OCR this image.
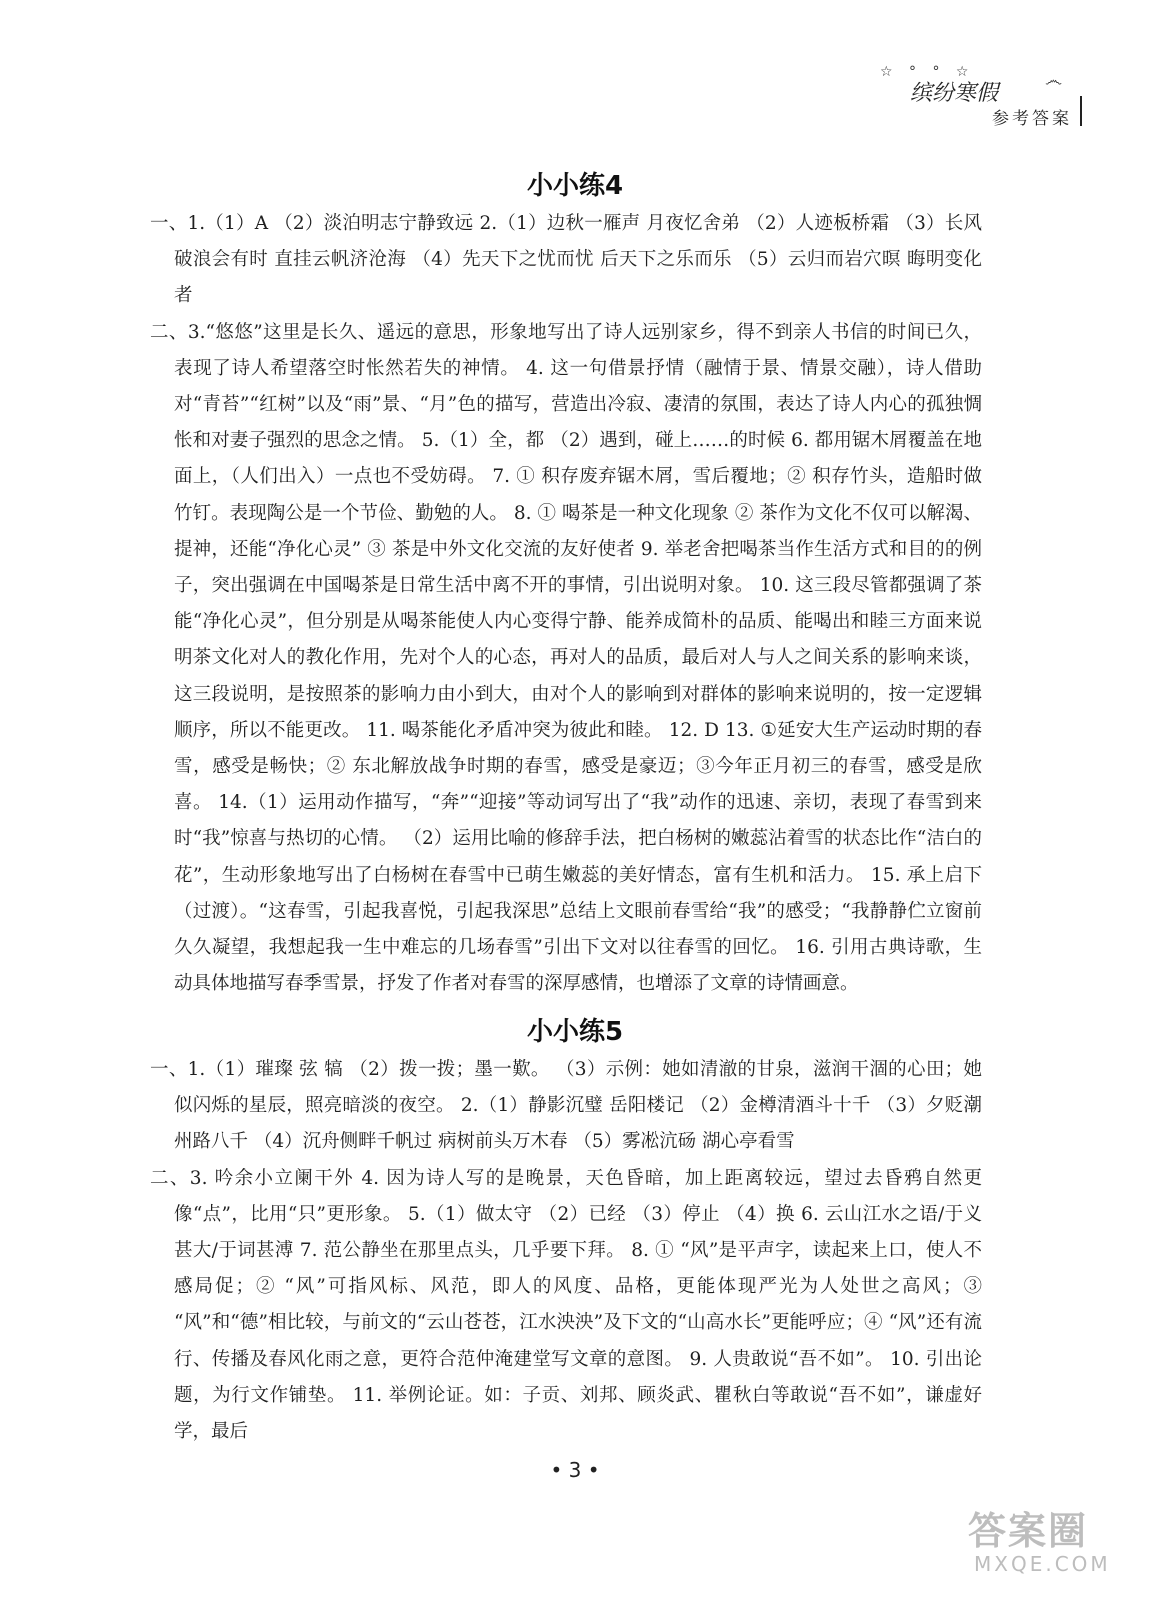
☆ ° ° ☆
缤纷寒假
෴
参考答案
小小练4

一、1.（1）A （2）淡泊明志宁静致远 2.（1）边秋一雁声 月夜忆舍弟 （2）人迹板桥霜 （3）长风破浪会有时 直挂云帆济沧海 （4）先天下之忧而忧 后天下之乐而乐 （5）云归而岩穴暝 晦明变化者

二、3.“悠悠”这里是长久、遥远的意思，形象地写出了诗人远别家乡，得不到亲人书信的时间已久，表现了诗人希望落空时怅然若失的神情。 4. 这一句借景抒情（融情于景、情景交融），诗人借助对“青苔”“红树”以及“雨”景、“月”色的描写，营造出冷寂、凄清的氛围，表达了诗人内心的孤独惆怅和对妻子强烈的思念之情。 5.（1）全，都 （2）遇到，碰上……的时候 6. 都用锯木屑覆盖在地面上，（人们出入）一点也不受妨碍。 7. ① 积存废弃锯木屑，雪后覆地；② 积存竹头，造船时做竹钉。表现陶公是一个节俭、勤勉的人。 8. ① 喝茶是一种文化现象 ② 茶作为文化不仅可以解渴、提神，还能“净化心灵” ③ 茶是中外文化交流的友好使者 9. 举老舍把喝茶当作生活方式和目的的例子，突出强调在中国喝茶是日常生活中离不开的事情，引出说明对象。 10. 这三段尽管都强调了茶能“净化心灵”，但分别是从喝茶能使人内心变得宁静、能养成简朴的品质、能喝出和睦三方面来说明茶文化对人的教化作用，先对个人的心态，再对人的品质，最后对人与人之间关系的影响来谈，这三段说明，是按照茶的影响力由小到大，由对个人的影响到对群体的影响来说明的，按一定逻辑顺序，所以不能更改。 11. 喝茶能化矛盾冲突为彼此和睦。 12. D 13. ①延安大生产运动时期的春雪，感受是畅快；② 东北解放战争时期的春雪，感受是豪迈；③今年正月初三的春雪，感受是欣喜。 14.（1）运用动作描写，“奔”“迎接”等动词写出了“我”动作的迅速、亲切，表现了春雪到来时“我”惊喜与热切的心情。 （2）运用比喻的修辞手法，把白杨树的嫩蕊沾着雪的状态比作“洁白的花”，生动形象地写出了白杨树在春雪中已萌生嫩蕊的美好情态，富有生机和活力。 15. 承上启下（过渡）。“这春雪，引起我喜悦，引起我深思”总结上文眼前春雪给“我”的感受；“我静静伫立窗前久久凝望，我想起我一生中难忘的几场春雪”引出下文对以往春雪的回忆。 16. 引用古典诗歌，生动具体地描写春季雪景，抒发了作者对春雪的深厚感情，也增添了文章的诗情画意。

小小练5

一、1.（1）璀璨 弦 犒 （2）拨一拨；墨一歎。 （3）示例：她如清澈的甘泉，滋润干涸的心田；她似闪烁的星辰，照亮暗淡的夜空。 2.（1）静影沉璧 岳阳楼记 （2）金樽清酒斗十千 （3）夕贬潮州路八千 （4）沉舟侧畔千帆过 病树前头万木春 （5）雾凇沆砀 湖心亭看雪

二、3. 吟余小立阑干外 4. 因为诗人写的是晚景，天色昏暗，加上距离较远，望过去昏鸦自然更像“点”，比用“只”更形象。 5.（1）做太守 （2）已经 （3）停止 （4）换 6. 云山江水之语/于义甚大/于词甚溥 7. 范公静坐在那里点头，几乎要下拜。 8. ① “风”是平声字，读起来上口，使人不感局促；② “风”可指风标、风范，即人的风度、品格，更能体现严光为人处世之高风；③ “风”和“德”相比较，与前文的“云山苍苍，江水泱泱”及下文的“山高水长”更能呼应；④ “风”还有流行、传播及春风化雨之意，更符合范仲淹建堂写文章的意图。 9. 人贵敢说“吾不如”。 10. 引出论题，为行文作铺垫。 11. 举例论证。如：子贡、刘邦、顾炎武、瞿秋白等敢说“吾不如”，谦虚好学，最后

• 3 •
答案圈
MXQE.COM
